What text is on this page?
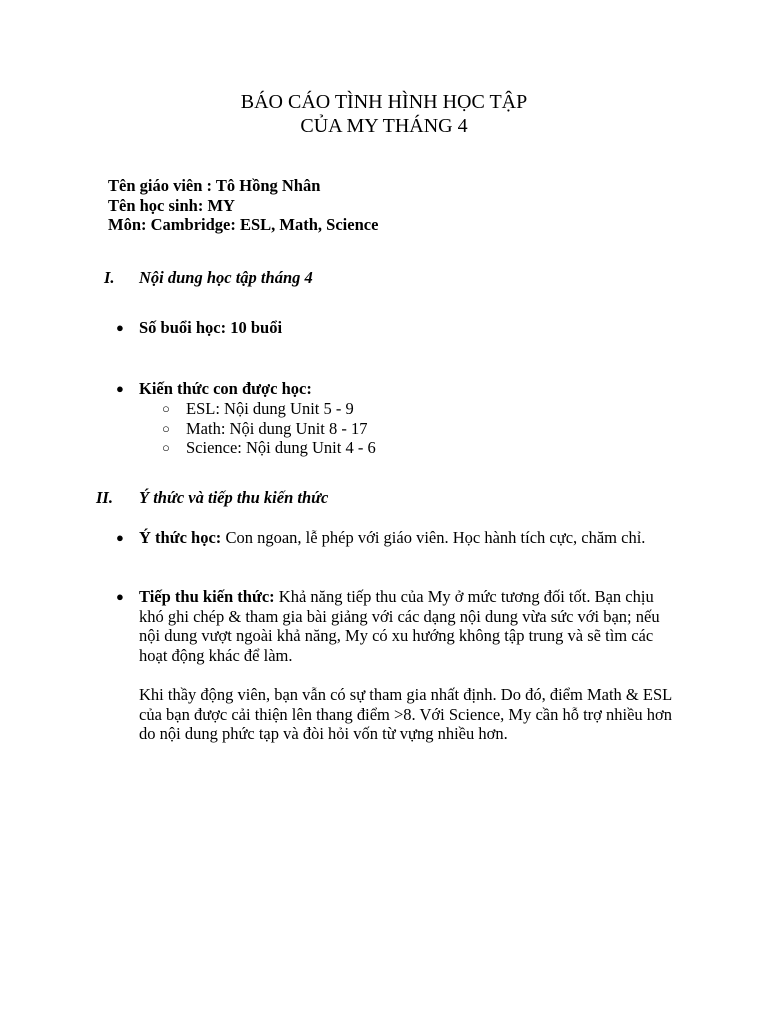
BÁO CÁO TÌNH HÌNH HỌC TẬP
CỦA MY THÁNG 4
Tên giáo viên : Tô Hồng Nhân
Tên học sinh: MY
Môn: Cambridge: ESL, Math, Science
I. Nội dung học tập tháng 4
● Số buổi học: 10 buổi
● Kiến thức con được học:
○ ESL: Nội dung Unit 5 - 9
○ Math: Nội dung Unit 8 - 17
○ Science: Nội dung Unit 4 - 6
II. Ý thức và tiếp thu kiến thức
● Ý thức học: Con ngoan, lễ phép với giáo viên. Học hành tích cực, chăm chỉ.
● Tiếp thu kiến thức: Khả năng tiếp thu của My ở mức tương đối tốt. Bạn chịu khó ghi chép & tham gia bài giảng với các dạng nội dung vừa sức với bạn; nếu nội dung vượt ngoài khả năng, My có xu hướng không tập trung và sẽ tìm các hoạt động khác để làm.
Khi thầy động viên, bạn vẫn có sự tham gia nhất định. Do đó, điểm Math & ESL của bạn được cải thiện lên thang điểm >8. Với Science, My cần hỗ trợ nhiều hơn do nội dung phức tạp và đòi hỏi vốn từ vựng nhiều hơn.
